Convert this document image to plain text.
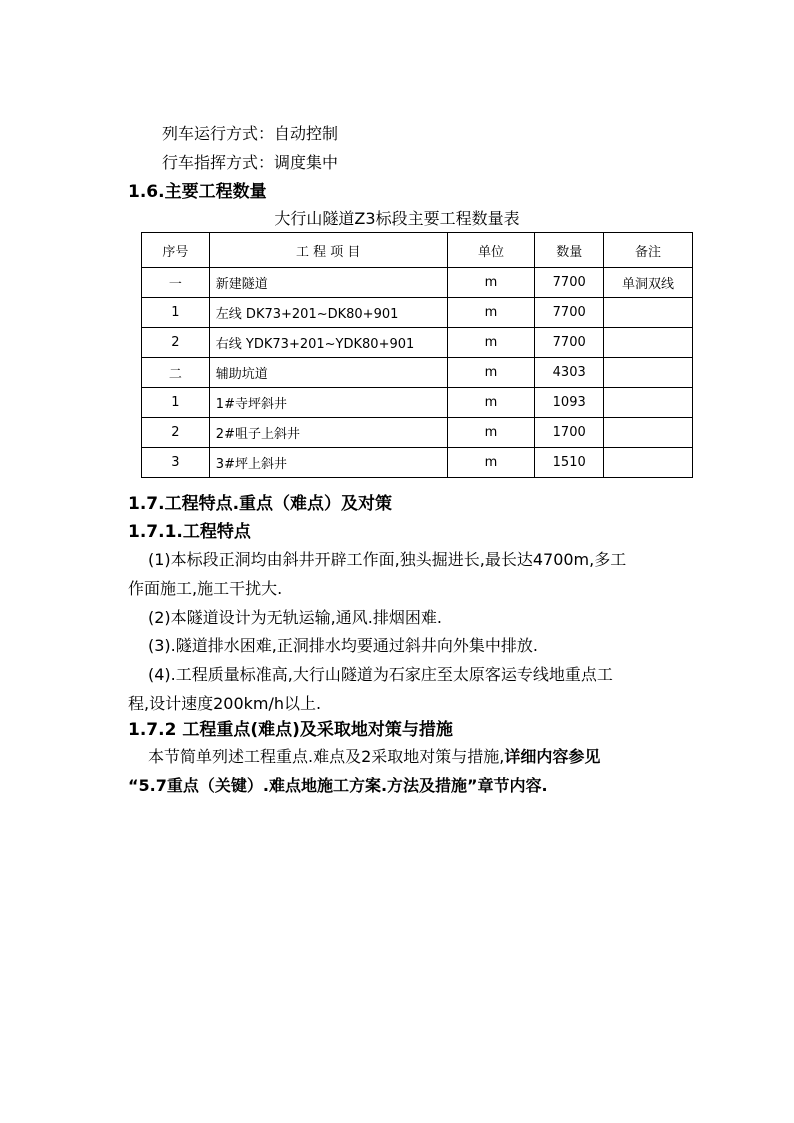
列车运行方式：自动控制
行车指挥方式：调度集中
1.6.主要工程数量
大行山隧道Z3标段主要工程数量表
序号	工 程 项 目	单位	数量	备注
一	新建隧道	m	7700	单洞双线
1	左线 DK73+201~DK80+901	m	7700	
2	右线 YDK73+201~YDK80+901	m	7700	
二	辅助坑道	m	4303	
1	1#寺坪斜井	m	1093	
2	2#咀子上斜井	m	1700	
3	3#坪上斜井	m	1510	
1.7.工程特点.重点（难点）及对策
1.7.1.工程特点
(1)本标段正洞均由斜井开辟工作面,独头掘进长,最长达4700m,多工
作面施工,施工干扰大.
(2)本隧道设计为无轨运输,通风.排烟困难.
(3).隧道排水困难,正洞排水均要通过斜井向外集中排放.
(4).工程质量标准高,大行山隧道为石家庄至太原客运专线地重点工
程,设计速度200km/h以上.
1.7.2 工程重点(难点)及采取地对策与措施
本节简单列述工程重点.难点及2采取地对策与措施,详细内容参见
“5.7重点（关键）.难点地施工方案.方法及措施”章节内容.
